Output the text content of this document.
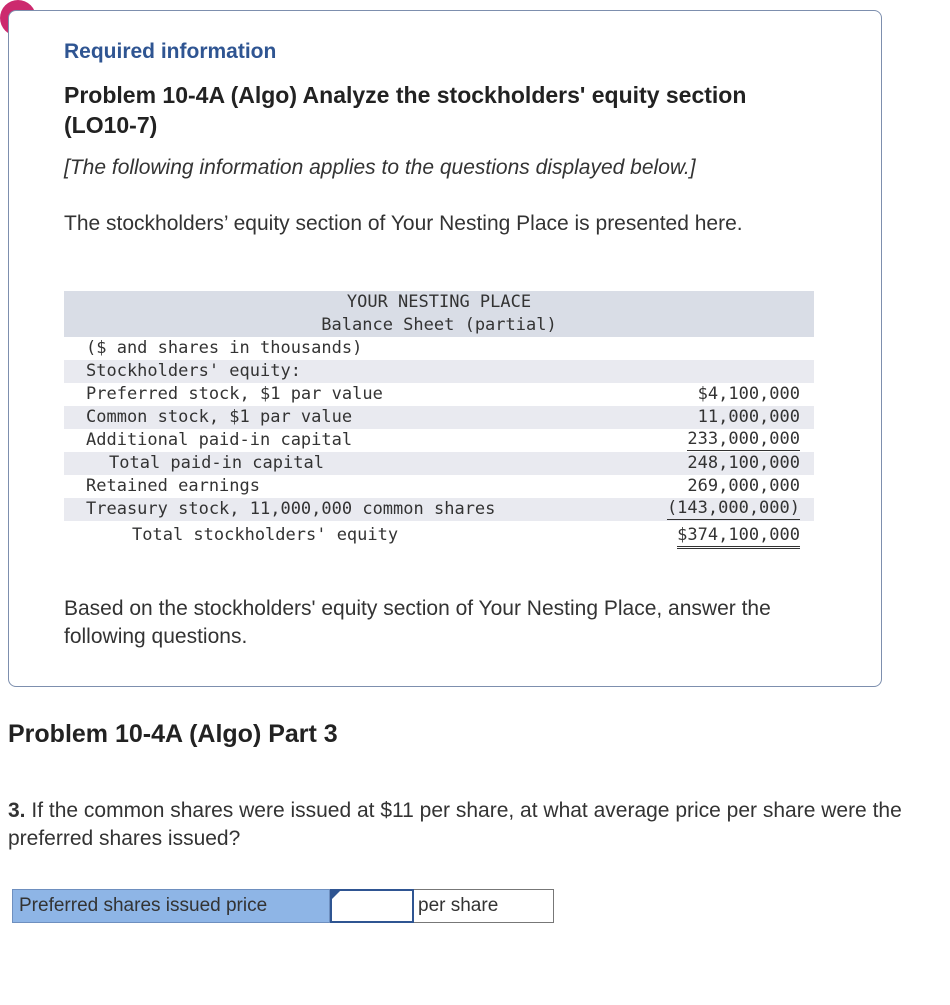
Required information
Problem 10-4A (Algo) Analyze the stockholders' equity section (LO10-7)
[The following information applies to the questions displayed below.]
The stockholders’ equity section of Your Nesting Place is presented here.
YOUR NESTING PLACE
Balance Sheet (partial)
($ and shares in thousands)
Stockholders' equity:
Preferred stock, $1 par value	$4,100,000
Common stock, $1 par value	11,000,000
Additional paid-in capital	233,000,000
Total paid-in capital	248,100,000
Retained earnings	269,000,000
Treasury stock, 11,000,000 common shares	(143,000,000)
Total stockholders' equity	$374,100,000
Based on the stockholders' equity section of Your Nesting Place, answer the following questions.
Problem 10-4A (Algo) Part 3
3. If the common shares were issued at $11 per share, at what average price per share were the preferred shares issued?
Preferred shares issued price	per share
